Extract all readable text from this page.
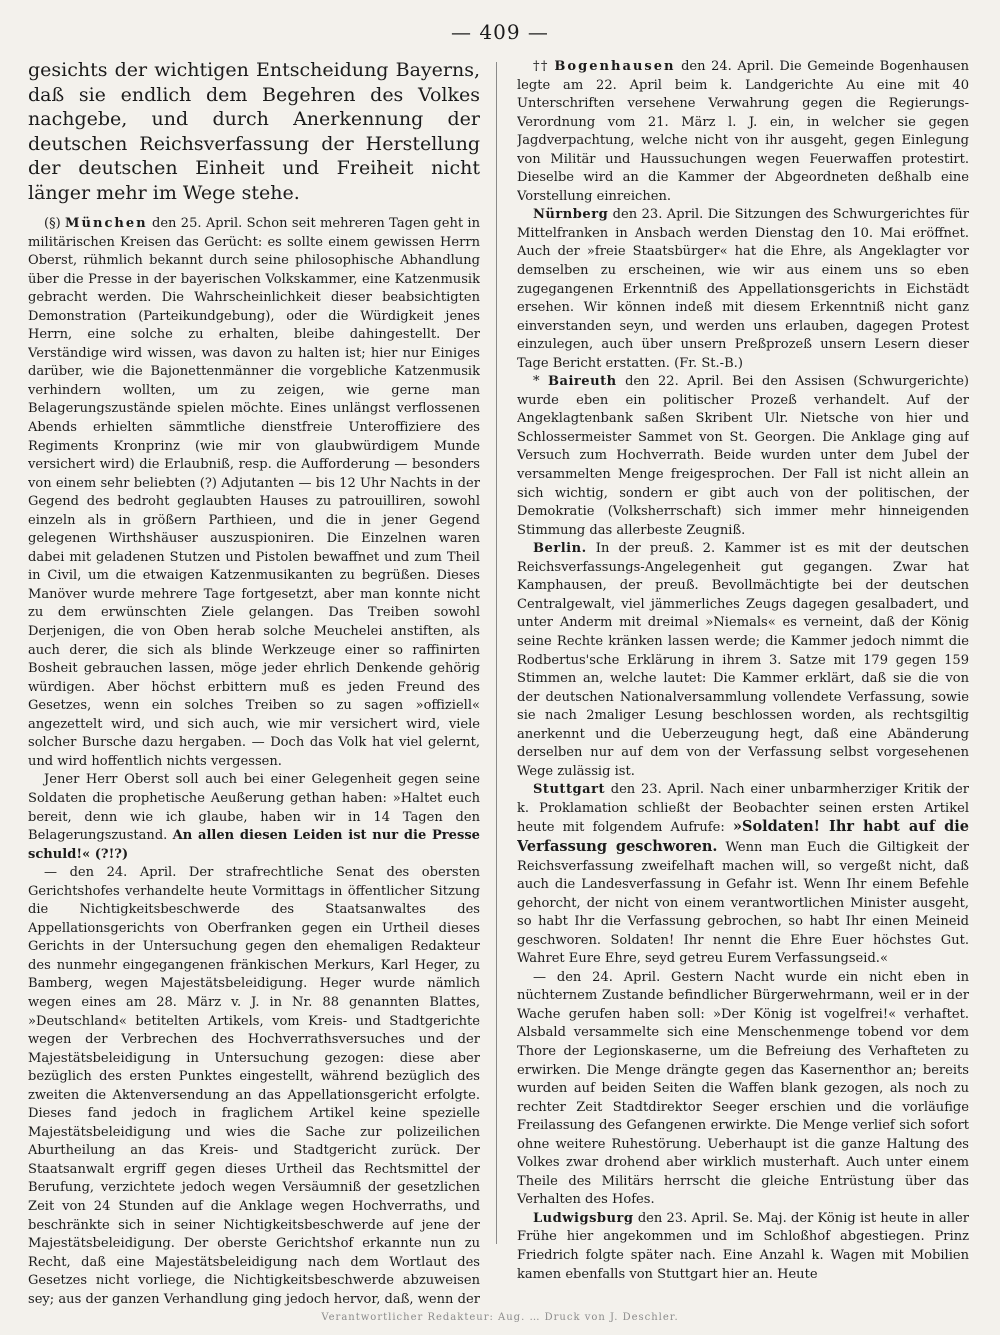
— 409 —
gesichts der wichtigen Entscheidung Bayerns, daß sie endlich dem Begehren des Volkes nachgebe, und durch Anerkennung der deutschen Reichsverfassung der Herstellung der deutschen Einheit und Freiheit nicht länger mehr im Wege stehe.

(§) München den 25. April. Schon seit mehreren Tagen geht in militärischen Kreisen das Gerücht: es sollte einem gewissen Herrn Oberst, rühmlich bekannt durch seine philosophische Abhandlung über die Presse in der bayerischen Volkskammer, eine Katzenmusik gebracht werden. Die Wahrscheinlichkeit dieser beabsichtigten Demonstration (Parteikundgebung), oder die Würdigkeit jenes Herrn, eine solche zu erhalten, bleibe dahingestellt. Der Verständige wird wissen, was davon zu halten ist; hier nur Einiges darüber, wie die Bajonettenmänner die vorgebliche Katzenmusik verhindern wollten, um zu zeigen, wie gerne man Belagerungszustände spielen möchte. Eines unlängst verflossenen Abends erhielten sämmtliche dienstfreie Unteroffiziere des Regiments Kronprinz (wie mir von glaubwürdigem Munde versichert wird) die Erlaubniß, resp. die Aufforderung — besonders von einem sehr beliebten (?) Adjutanten — bis 12 Uhr Nachts in der Gegend des bedroht geglaubten Hauses zu patrouilliren, sowohl einzeln als in größern Parthieen, und die in jener Gegend gelegenen Wirthshäuser auszuspioniren. Die Einzelnen waren dabei mit geladenen Stutzen und Pistolen bewaffnet und zum Theil in Civil, um die etwaigen Katzenmusikanten zu begrüßen. Dieses Manöver wurde mehrere Tage fortgesetzt, aber man konnte nicht zu dem erwünschten Ziele gelangen. Das Treiben sowohl Derjenigen, die von Oben herab solche Meuchelei anstiften, als auch derer, die sich als blinde Werkzeuge einer so raffinirten Bosheit gebrauchen lassen, möge jeder ehrlich Denkende gehörig würdigen. Aber höchst erbittern muß es jeden Freund des Gesetzes, wenn ein solches Treiben so zu sagen »offiziell« angezettelt wird, und sich auch, wie mir versichert wird, viele solcher Bursche dazu hergaben. — Doch das Volk hat viel gelernt, und wird hoffentlich nichts vergessen.

Jener Herr Oberst soll auch bei einer Gelegenheit gegen seine Soldaten die prophetische Aeußerung gethan haben: »Haltet euch bereit, denn wie ich glaube, haben wir in 14 Tagen den Belagerungszustand. An allen diesen Leiden ist nur die Presse schuld!« (?!?)

— den 24. April. Der strafrechtliche Senat des obersten Gerichtshofes verhandelte heute Vormittags in öffentlicher Sitzung die Nichtigkeitsbeschwerde des Staatsanwaltes des Appellationsgerichts von Oberfranken gegen ein Urtheil dieses Gerichts in der Untersuchung gegen den ehemaligen Redakteur des nunmehr eingegangenen fränkischen Merkurs, Karl Heger, zu Bamberg, wegen Majestätsbeleidigung. Heger wurde nämlich wegen eines am 28. März v. J. in Nr. 88 genannten Blattes, »Deutschland« betitelten Artikels, vom Kreis- und Stadtgerichte wegen der Verbrechen des Hochverrathsversuches und der Majestätsbeleidigung in Untersuchung gezogen: diese aber bezüglich des ersten Punktes eingestellt, während bezüglich des zweiten die Aktenversendung an das Appellationsgericht erfolgte. Dieses fand jedoch in fraglichem Artikel keine spezielle Majestätsbeleidigung und wies die Sache zur polizeilichen Aburtheilung an das Kreis- und Stadtgericht zurück. Der Staatsanwalt ergriff gegen dieses Urtheil das Rechtsmittel der Berufung, verzichtete jedoch wegen Versäumniß der gesetzlichen Zeit von 24 Stunden auf die Anklage wegen Hochverraths, und beschränkte sich in seiner Nichtigkeitsbeschwerde auf jene der Majestätsbeleidigung. Der oberste Gerichtshof erkannte nun zu Recht, daß eine Majestätsbeleidigung nach dem Wortlaut des Gesetzes nicht vorliege, die Nichtigkeitsbeschwerde abzuweisen sey; aus der ganzen Verhandlung ging jedoch hervor, daß, wenn der

†† Bogenhausen den 24. April. Die Gemeinde Bogenhausen legte am 22. April beim k. Landgerichte Au eine mit 40 Unterschriften versehene Verwahrung gegen die Regierungs-Verordnung vom 21. März l. J. ein, in welcher sie gegen Jagdverpachtung, welche nicht von ihr ausgeht, gegen Einlegung von Militär und Haussuchungen wegen Feuerwaffen protestirt. Dieselbe wird an die Kammer der Abgeordneten deßhalb eine Vorstellung einreichen.

Nürnberg den 23. April. Die Sitzungen des Schwurgerichtes für Mittelfranken in Ansbach werden Dienstag den 10. Mai eröffnet. Auch der »freie Staatsbürger« hat die Ehre, als Angeklagter vor demselben zu erscheinen, wie wir aus einem uns so eben zugegangenen Erkenntniß des Appellationsgerichts in Eichstädt ersehen. Wir können indeß mit diesem Erkenntniß nicht ganz einverstanden seyn, und werden uns erlauben, dagegen Protest einzulegen, auch über unsern Preßprozeß unsern Lesern dieser Tage Bericht erstatten. (Fr. St.-B.)

* Baireuth den 22. April. Bei den Assisen (Schwurgerichte) wurde eben ein politischer Prozeß verhandelt. Auf der Angeklagtenbank saßen Skribent Ulr. Nietsche von hier und Schlossermeister Sammet von St. Georgen. Die Anklage ging auf Versuch zum Hochverrath. Beide wurden unter dem Jubel der versammelten Menge freigesprochen. Der Fall ist nicht allein an sich wichtig, sondern er gibt auch von der politischen, der Demokratie (Volksherrschaft) sich immer mehr hinneigenden Stimmung das allerbeste Zeugniß.

Berlin. In der preuß. 2. Kammer ist es mit der deutschen Reichsverfassungs-Angelegenheit gut gegangen. Zwar hat Kamphausen, der preuß. Bevollmächtigte bei der deutschen Centralgewalt, viel jämmerliches Zeugs dagegen gesalbadert, und unter Anderm mit dreimal »Niemals« es verneint, daß der König seine Rechte kränken lassen werde; die Kammer jedoch nimmt die Rodbertus'sche Erklärung in ihrem 3. Satze mit 179 gegen 159 Stimmen an, welche lautet: Die Kammer erklärt, daß sie die von der deutschen Nationalversammlung vollendete Verfassung, sowie sie nach 2maliger Lesung beschlossen worden, als rechtsgiltig anerkennt und die Ueberzeugung hegt, daß eine Abänderung derselben nur auf dem von der Verfassung selbst vorgesehenen Wege zulässig ist.

Stuttgart den 23. April. Nach einer unbarmherziger Kritik der k. Proklamation schließt der Beobachter seinen ersten Artikel heute mit folgendem Aufrufe: »Soldaten! Ihr habt auf die Verfassung geschworen. Wenn man Euch die Giltigkeit der Reichsverfassung zweifelhaft machen will, so vergeßt nicht, daß auch die Landesverfassung in Gefahr ist. Wenn Ihr einem Befehle gehorcht, der nicht von einem verantwortlichen Minister ausgeht, so habt Ihr die Verfassung gebrochen, so habt Ihr einen Meineid geschworen. Soldaten! Ihr nennt die Ehre Euer höchstes Gut. Wahret Eure Ehre, seyd getreu Eurem Verfassungseid.«

— den 24. April. Gestern Nacht wurde ein nicht eben in nüchternem Zustande befindlicher Bürgerwehrmann, weil er in der Wache gerufen haben soll: »Der König ist vogelfrei!« verhaftet. Alsbald versammelte sich eine Menschenmenge tobend vor dem Thore der Legionskaserne, um die Befreiung des Verhafteten zu erwirken. Die Menge drängte gegen das Kasernenthor an; bereits wurden auf beiden Seiten die Waffen blank gezogen, als noch zu rechter Zeit Stadtdirektor Seeger erschien und die vorläufige Freilassung des Gefangenen erwirkte. Die Menge verlief sich sofort ohne weitere Ruhestörung. Ueberhaupt ist die ganze Haltung des Volkes zwar drohend aber wirklich musterhaft. Auch unter einem Theile des Militärs herrscht die gleiche Entrüstung über das Verhalten des Hofes.

Ludwigsburg den 23. April. Se. Maj. der König ist heute in aller Frühe hier angekommen und im Schloßhof abgestiegen. Prinz Friedrich folgte später nach. Eine Anzahl k. Wagen mit Mobilien kamen ebenfalls von Stuttgart hier an. Heute

Verantwortlicher Redakteur: Aug. … Druck von J. Deschler.
